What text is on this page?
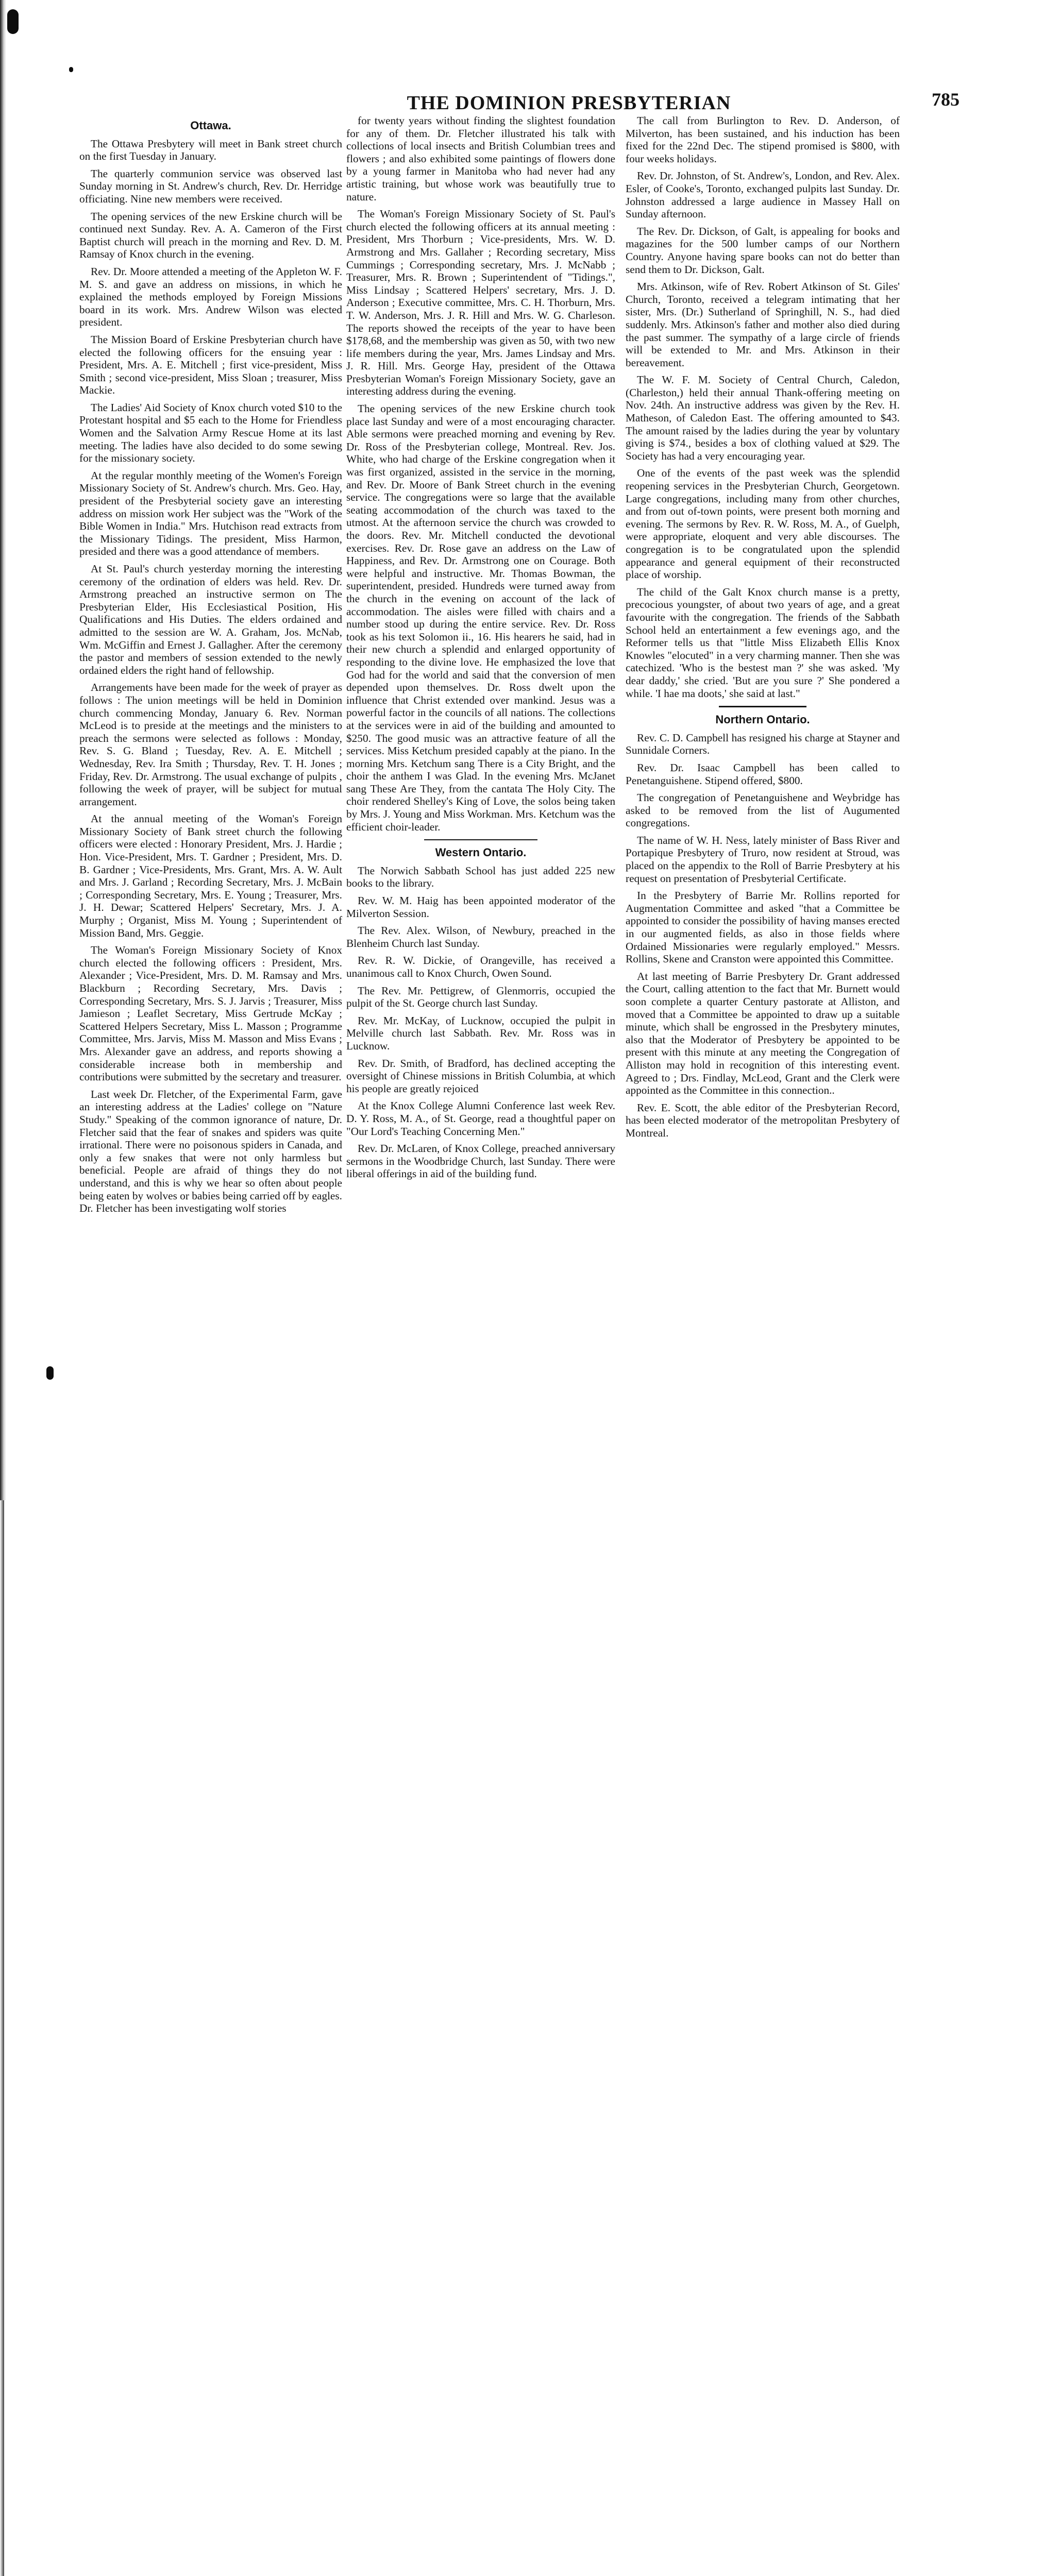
THE DOMINION PRESBYTERIAN	785
Ottawa.

The Ottawa Presbytery will meet in Bank street church on the first Tuesday in January.

The quarterly communion service was observed last Sunday morning in St. Andrew's church, Rev. Dr. Herridge officiating. Nine new members were received.

The opening services of the new Erskine church will be continued next Sunday. Rev. A. A. Cameron of the First Baptist church will preach in the morning and Rev. D. M. Ramsay of Knox church in the evening.

Rev. Dr. Moore attended a meeting of the Appleton W. F. M. S. and gave an address on missions, in which he explained the methods employed by Foreign Missions board in its work. Mrs. Andrew Wilson was elected president.

The Mission Board of Erskine Presbyterian church have elected the following officers for the ensuing year : President, Mrs. A. E. Mitchell ; first vice-president, Miss Smith ; second vice-president, Miss Sloan ; treasurer, Miss Mackie.

The Ladies' Aid Society of Knox church voted $10 to the Protestant hospital and $5 each to the Home for Friendless Women and the Salvation Army Rescue Home at its last meeting. The ladies have also decided to do some sewing for the missionary society.

At the regular monthly meeting of the Women's Foreign Missionary Society of St. Andrew's church. Mrs. Geo. Hay, president of the Presbyterial society gave an interesting address on mission work Her subject was the "Work of the Bible Women in India." Mrs. Hutchison read extracts from the Missionary Tidings. The president, Miss Harmon, presided and there was a good attendance of members.

At St. Paul's church yesterday morning the interesting ceremony of the ordination of elders was held. Rev. Dr. Armstrong preached an instructive sermon on The Presbyterian Elder, His Ecclesiastical Position, His Qualifications and His Duties. The elders ordained and admitted to the session are W. A. Graham, Jos. McNab, Wm. McGiffin and Ernest J. Gallagher. After the ceremony the pastor and members of session extended to the newly ordained elders the right hand of fellowship.

Arrangements have been made for the week of prayer as follows : The union meetings will be held in Dominion church commencing Monday, January 6. Rev. Norman McLeod is to preside at the meetings and the ministers to preach the sermons were selected as follows : Monday, Rev. S. G. Bland ; Tuesday, Rev. A. E. Mitchell ; Wednesday, Rev. Ira Smith ; Thursday, Rev. T. H. Jones ; Friday, Rev. Dr. Armstrong. The usual exchange of pulpits , following the week of prayer, will be subject for mutual arrangement.

At the annual meeting of the Woman's Foreign Missionary Society of Bank street church the following officers were elected : Honorary President, Mrs. J. Hardie ; Hon. Vice-President, Mrs. T. Gardner ; President, Mrs. D. B. Gardner ; Vice-Presidents, Mrs. Grant, Mrs. A. W. Ault and Mrs. J. Garland ; Recording Secretary, Mrs. J. McBain ; Corresponding Secretary, Mrs. E. Young ; Treasurer, Mrs. J. H. Dewar; Scattered Helpers' Secretary, Mrs. J. A. Murphy ; Organist, Miss M. Young ; Superintendent of Mission Band, Mrs. Geggie.

The Woman's Foreign Missionary Society of Knox church elected the following officers : President, Mrs. Alexander ; Vice-President, Mrs. D. M. Ramsay and Mrs. Blackburn ; Recording Secretary, Mrs. Davis ; Corresponding Secretary, Mrs. S. J. Jarvis ; Treasurer, Miss Jamieson ; Leaflet Secretary, Miss Gertrude McKay ; Scattered Helpers Secretary, Miss L. Masson ; Programme Committee, Mrs. Jarvis, Miss M. Masson and Miss Evans ; Mrs. Alexander gave an address, and reports showing a considerable increase both in membership and contributions were submitted by the secretary and treasurer.

Last week Dr. Fletcher, of the Experimental Farm, gave an interesting address at the Ladies' college on "Nature Study." Speaking of the common ignorance of nature, Dr. Fletcher said that the fear of snakes and spiders was quite irrational. There were no poisonous spiders in Canada, and only a few snakes that were not only harmless but beneficial. People are afraid of things they do not understand, and this is why we hear so often about people being eaten by wolves or babies being carried off by eagles. Dr. Fletcher has been investigating wolf stories

for twenty years without finding the slightest foundation for any of them. Dr. Fletcher illustrated his talk with collections of local insects and British Columbian trees and flowers ; and also exhibited some paintings of flowers done by a young farmer in Manitoba who had never had any artistic training, but whose work was beautifully true to nature.

The Woman's Foreign Missionary Society of St. Paul's church elected the following officers at its annual meeting : President, Mrs Thorburn ; Vice-presidents, Mrs. W. D. Armstrong and Mrs. Gallaher ; Recording secretary, Miss Cummings ; Corresponding secretary, Mrs. J. McNabb ; Treasurer, Mrs. R. Brown ; Superintendent of "Tidings.", Miss Lindsay ; Scattered Helpers' secretary, Mrs. J. D. Anderson ; Executive committee, Mrs. C. H. Thorburn, Mrs. T. W. Anderson, Mrs. J. R. Hill and Mrs. W. G. Charleson. The reports showed the receipts of the year to have been $178,68, and the membership was given as 50, with two new life members during the year, Mrs. James Lindsay and Mrs. J. R. Hill. Mrs. George Hay, president of the Ottawa Presbyterian Woman's Foreign Missionary Society, gave an interesting address during the evening.

The opening services of the new Erskine church took place last Sunday and were of a most encouraging character. Able sermons were preached morning and evening by Rev. Dr. Ross of the Presbyterian college, Montreal. Rev. Jos. White, who had charge of the Erskine congregation when it was first organized, assisted in the service in the morning, and Rev. Dr. Moore of Bank Street church in the evening service. The congregations were so large that the available seating accommodation of the church was taxed to the utmost. At the afternoon service the church was crowded to the doors. Rev. Mr. Mitchell conducted the devotional exercises. Rev. Dr. Rose gave an address on the Law of Happiness, and Rev. Dr. Armstrong one on Courage. Both were helpful and instructive. Mr. Thomas Bowman, the superintendent, presided. Hundreds were turned away from the church in the evening on account of the lack of accommodation. The aisles were filled with chairs and a number stood up during the entire service. Rev. Dr. Ross took as his text Solomon ii., 16. His hearers he said, had in their new church a splendid and enlarged opportunity of responding to the divine love. He emphasized the love that God had for the world and said that the conversion of men depended upon themselves. Dr. Ross dwelt upon the influence that Christ extended over mankind. Jesus was a powerful factor in the councils of all nations. The collections at the services were in aid of the building and amounted to $250. The good music was an attractive feature of all the services. Miss Ketchum presided capably at the piano. In the morning Mrs. Ketchum sang There is a City Bright, and the choir the anthem I was Glad. In the evening Mrs. McJanet sang These Are They, from the cantata The Holy City. The choir rendered Shelley's King of Love, the solos being taken by Mrs. J. Young and Miss Workman. Mrs. Ketchum was the efficient choir-leader.

Western Ontario.

The Norwich Sabbath School has just added 225 new books to the library.

Rev. W. M. Haig has been appointed moderator of the Milverton Session.

The Rev. Alex. Wilson, of Newbury, preached in the Blenheim Church last Sunday.

Rev. R. W. Dickie, of Orangeville, has received a unanimous call to Knox Church, Owen Sound.

The Rev. Mr. Pettigrew, of Glenmorris, occupied the pulpit of the St. George church last Sunday.

Rev. Mr. McKay, of Lucknow, occupied the pulpit in Melville church last Sabbath. Rev. Mr. Ross was in Lucknow.

Rev. Dr. Smith, of Bradford, has declined accepting the oversight of Chinese missions in British Columbia, at which his people are greatly rejoiced

At the Knox College Alumni Conference last week Rev. D. Y. Ross, M. A., of St. George, read a thoughtful paper on "Our Lord's Teaching Concerning Men."

Rev. Dr. McLaren, of Knox College, preached anniversary sermons in the Woodbridge Church, last Sunday. There were liberal offerings in aid of the building fund.

The call from Burlington to Rev. D. Anderson, of Milverton, has been sustained, and his induction has been fixed for the 22nd Dec. The stipend promised is $800, with four weeks holidays.

Rev. Dr. Johnston, of St. Andrew's, London, and Rev. Alex. Esler, of Cooke's, Toronto, exchanged pulpits last Sunday. Dr. Johnston addressed a large audience in Massey Hall on Sunday afternoon.

The Rev. Dr. Dickson, of Galt, is appealing for books and magazines for the 500 lumber camps of our Northern Country. Anyone having spare books can not do better than send them to Dr. Dickson, Galt.

Mrs. Atkinson, wife of Rev. Robert Atkinson of St. Giles' Church, Toronto, received a telegram intimating that her sister, Mrs. (Dr.) Sutherland of Springhill, N. S., had died suddenly. Mrs. Atkinson's father and mother also died during the past summer. The sympathy of a large circle of friends will be extended to Mr. and Mrs. Atkinson in their bereavement.

The W. F. M. Society of Central Church, Caledon, (Charleston,) held their annual Thank-offering meeting on Nov. 24th. An instructive address was given by the Rev. H. Matheson, of Caledon East. The offering amounted to $43. The amount raised by the ladies during the year by voluntary giving is $74., besides a box of clothing valued at $29. The Society has had a very encouraging year.

One of the events of the past week was the splendid reopening services in the Presbyterian Church, Georgetown. Large congregations, including many from other churches, and from out of-town points, were present both morning and evening. The sermons by Rev. R. W. Ross, M. A., of Guelph, were appropriate, eloquent and very able discourses. The congregation is to be congratulated upon the splendid appearance and general equipment of their reconstructed place of worship.

The child of the Galt Knox church manse is a pretty, precocious youngster, of about two years of age, and a great favourite with the congregation. The friends of the Sabbath School held an entertainment a few evenings ago, and the Reformer tells us that "little Miss Elizabeth Ellis Knox Knowles "elocuted" in a very charming manner. Then she was catechized. 'Who is the bestest man ?' she was asked. 'My dear daddy,' she cried. 'But are you sure ?' She pondered a while. 'I hae ma doots,' she said at last."

Northern Ontario.

Rev. C. D. Campbell has resigned his charge at Stayner and Sunnidale Corners.

Rev. Dr. Isaac Campbell has been called to Penetanguishene. Stipend offered, $800.

The congregation of Penetanguishene and Weybridge has asked to be removed from the list of Augumented congregations.

The name of W. H. Ness, lately minister of Bass River and Portapique Presbytery of Truro, now resident at Stroud, was placed on the appendix to the Roll of Barrie Presbytery at his request on presentation of Presbyterial Certificate.

In the Presbytery of Barrie Mr. Rollins reported for Augmentation Committee and asked "that a Committee be appointed to consider the possibility of having manses erected in our augmented fields, as also in those fields where Ordained Missionaries were regularly employed." Messrs. Rollins, Skene and Cranston were appointed this Committee.

At last meeting of Barrie Presbytery Dr. Grant addressed the Court, calling attention to the fact that Mr. Burnett would soon complete a quarter Century pastorate at Alliston, and moved that a Committee be appointed to draw up a suitable minute, which shall be engrossed in the Presbytery minutes, also that the Moderator of Presbytery be appointed to be present with this minute at any meeting the Congregation of Alliston may hold in recognition of this interesting event. Agreed to ; Drs. Findlay, McLeod, Grant and the Clerk were appointed as the Committee in this connection..

Rev. E. Scott, the able editor of the Presbyterian Record, has been elected moderator of the metropolitan Presbytery of Montreal.
